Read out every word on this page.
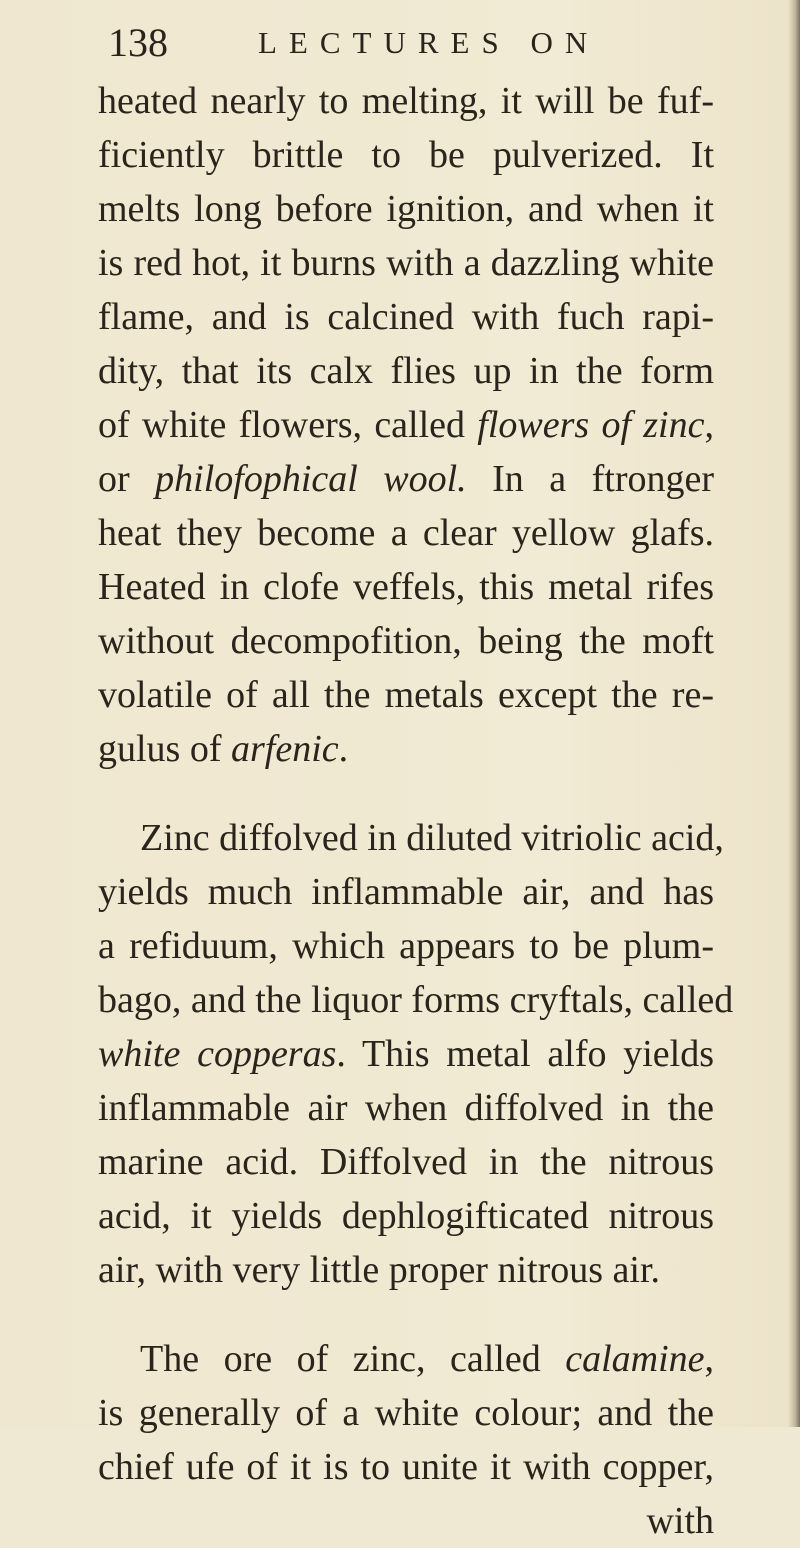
138	LECTURES ON
heated nearly to melting, it will be fuf-
ficiently brittle to be pulverized. It
melts long before ignition, and when it
is red hot, it burns with a dazzling white
flame, and is calcined with fuch rapi-
dity, that its calx flies up in the form
of white flowers, called flowers of zinc,
or philofophical wool. In a ftronger
heat they become a clear yellow glafs.
Heated in clofe veffels, this metal rifes
without decompofition, being the moft
volatile of all the metals except the re-
gulus of arfenic.
Zinc diffolved in diluted vitriolic acid,
yields much inflammable air, and has
a refiduum, which appears to be plum-
bago, and the liquor forms cryftals, called
white copperas. This metal alfo yields
inflammable air when diffolved in the
marine acid. Diffolved in the nitrous
acid, it yields dephlogifticated nitrous
air, with very little proper nitrous air.
The ore of zinc, called calamine,
is generally of a white colour; and the
chief ufe of it is to unite it with copper,
with
